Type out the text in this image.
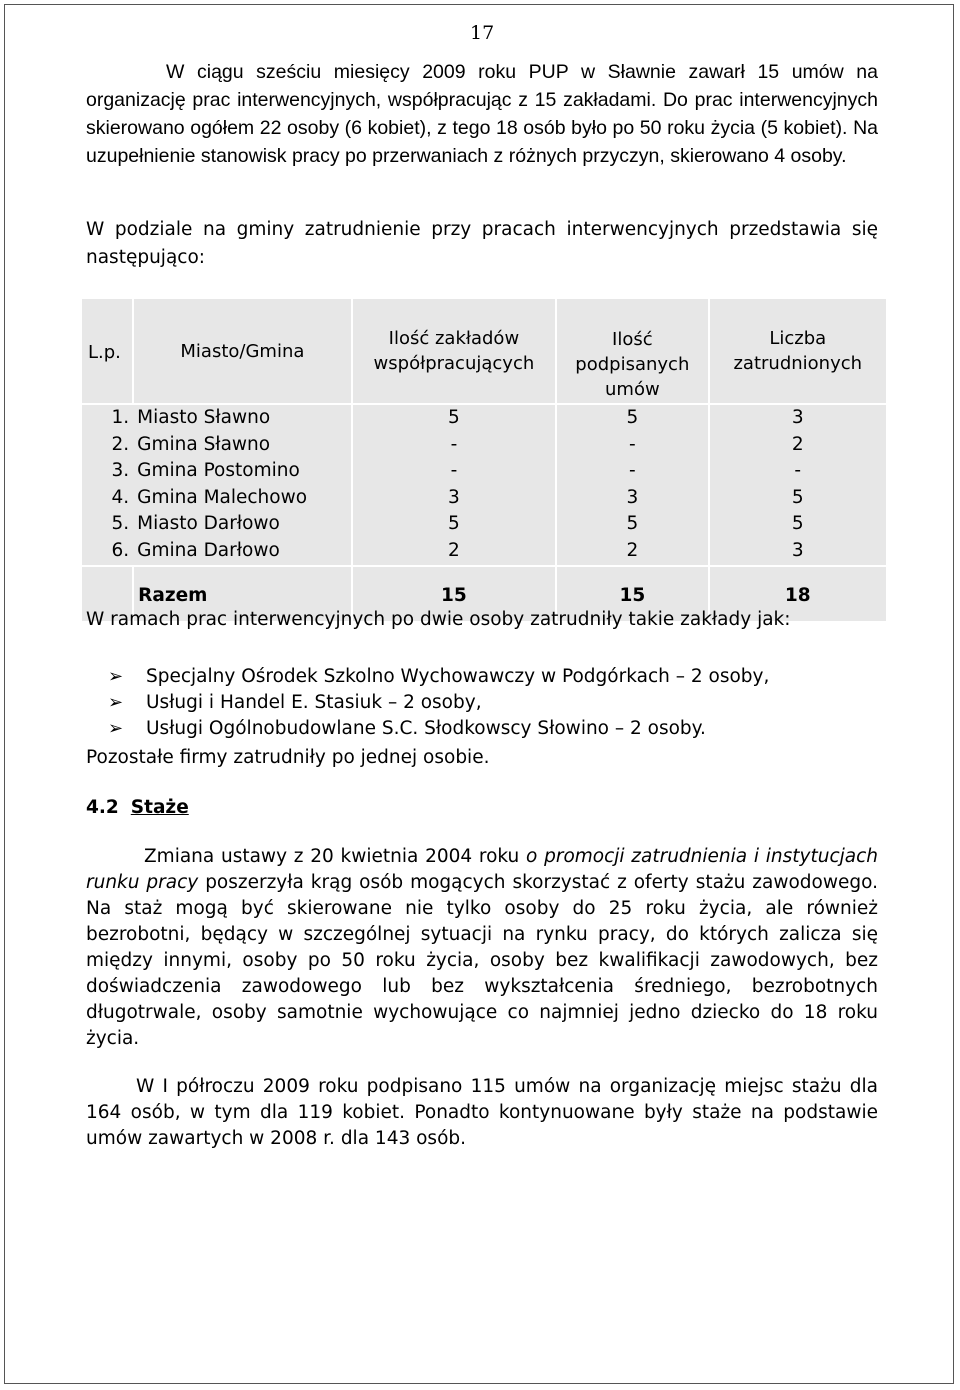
17

W ciągu sześciu miesięcy 2009 roku PUP w Sławnie zawarł 15 umów na organizację prac interwencyjnych, współpracując z 15 zakładami. Do prac interwencyjnych skierowano ogółem 22 osoby (6 kobiet), z tego 18 osób było po 50 roku życia (5 kobiet). Na uzupełnienie stanowisk pracy po przerwaniach z różnych przyczyn, skierowano 4 osoby.

W podziale na gminy zatrudnienie przy pracach interwencyjnych przedstawia się następująco:

L.p.	Miasto/Gmina	Ilość zakładów współpracujących	Ilość podpisanych umów	Liczba zatrudnionych
1.	Miasto Sławno	5	5	3
2.	Gmina Sławno	-	-	2
3.	Gmina Postomino	-	-	-
4.	Gmina Malechowo	3	3	5
5.	Miasto Darłowo	5	5	5
6.	Gmina Darłowo	2	2	3
	Razem	15	15	18

W ramach prac interwencyjnych po dwie osoby zatrudniły takie zakłady jak:

➢ Specjalny Ośrodek Szkolno Wychowawczy w Podgórkach – 2 osoby,
➢ Usługi i Handel E. Stasiuk – 2 osoby,
➢ Usługi Ogólnobudowlane S.C. Słodkowscy Słowino – 2 osoby.

Pozostałe firmy zatrudniły po jednej osobie.

4.2 Staże

Zmiana ustawy z 20 kwietnia 2004 roku o promocji zatrudnienia i instytucjach runku pracy poszerzyła krąg osób mogących skorzystać z oferty stażu zawodowego. Na staż mogą być skierowane nie tylko osoby do 25 roku życia, ale również bezrobotni, będący w szczególnej sytuacji na rynku pracy, do których zalicza się między innymi, osoby po 50 roku życia, osoby bez kwalifikacji zawodowych, bez doświadczenia zawodowego lub bez wykształcenia średniego, bezrobotnych długotrwale, osoby samotnie wychowujące co najmniej jedno dziecko do 18 roku życia.

W I półroczu 2009 roku podpisano 115 umów na organizację miejsc stażu dla 164 osób, w tym dla 119 kobiet. Ponadto kontynuowane były staże na podstawie umów zawartych w 2008 r. dla 143 osób.
